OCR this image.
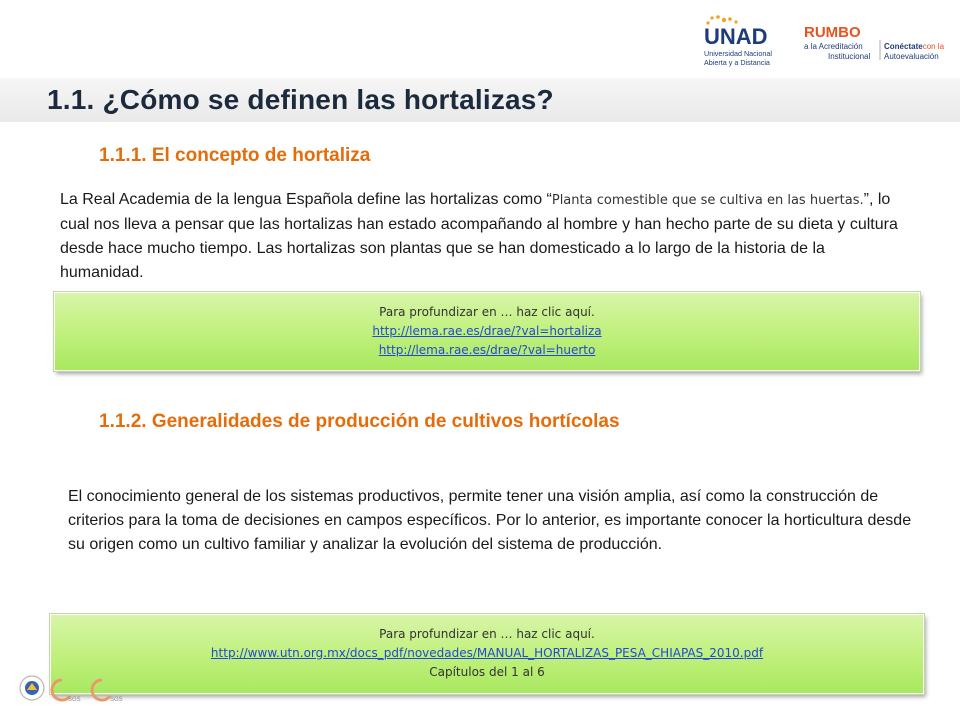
UNAD
Universidad Nacional
Abierta y a Distancia
RUMBO
a la Acreditación
Institucional
Conéctatecon la
Autoevaluación
1.1. ¿Cómo se definen las hortalizas?
1.1.1. El concepto de hortaliza

La Real Academia de la lengua Española define las hortalizas como “Planta comestible que se cultiva en las huertas.”, lo cual nos lleva a pensar que las hortalizas han estado acompañando al hombre y han hecho parte de su dieta y cultura desde hace mucho tiempo. Las hortalizas son plantas que se han domesticado a lo largo de la historia de la humanidad.

Para profundizar en … haz clic aquí.
http://lema.rae.es/drae/?val=hortaliza
http://lema.rae.es/drae/?val=huerto
1.1.2. Generalidades de producción de cultivos hortícolas

El conocimiento general de los sistemas productivos, permite tener una visión amplia, así como la construcción de criterios para la toma de decisiones en campos específicos. Por lo anterior, es importante conocer la horticultura desde su origen como un cultivo familiar y analizar la evolución del sistema de producción.

Para profundizar en … haz clic aquí.
http://www.utn.org.mx/docs_pdf/novedades/MANUAL_HORTALIZAS_PESA_CHIAPAS_2010.pdf
Capítulos del 1 al 6
SGS	SGS
